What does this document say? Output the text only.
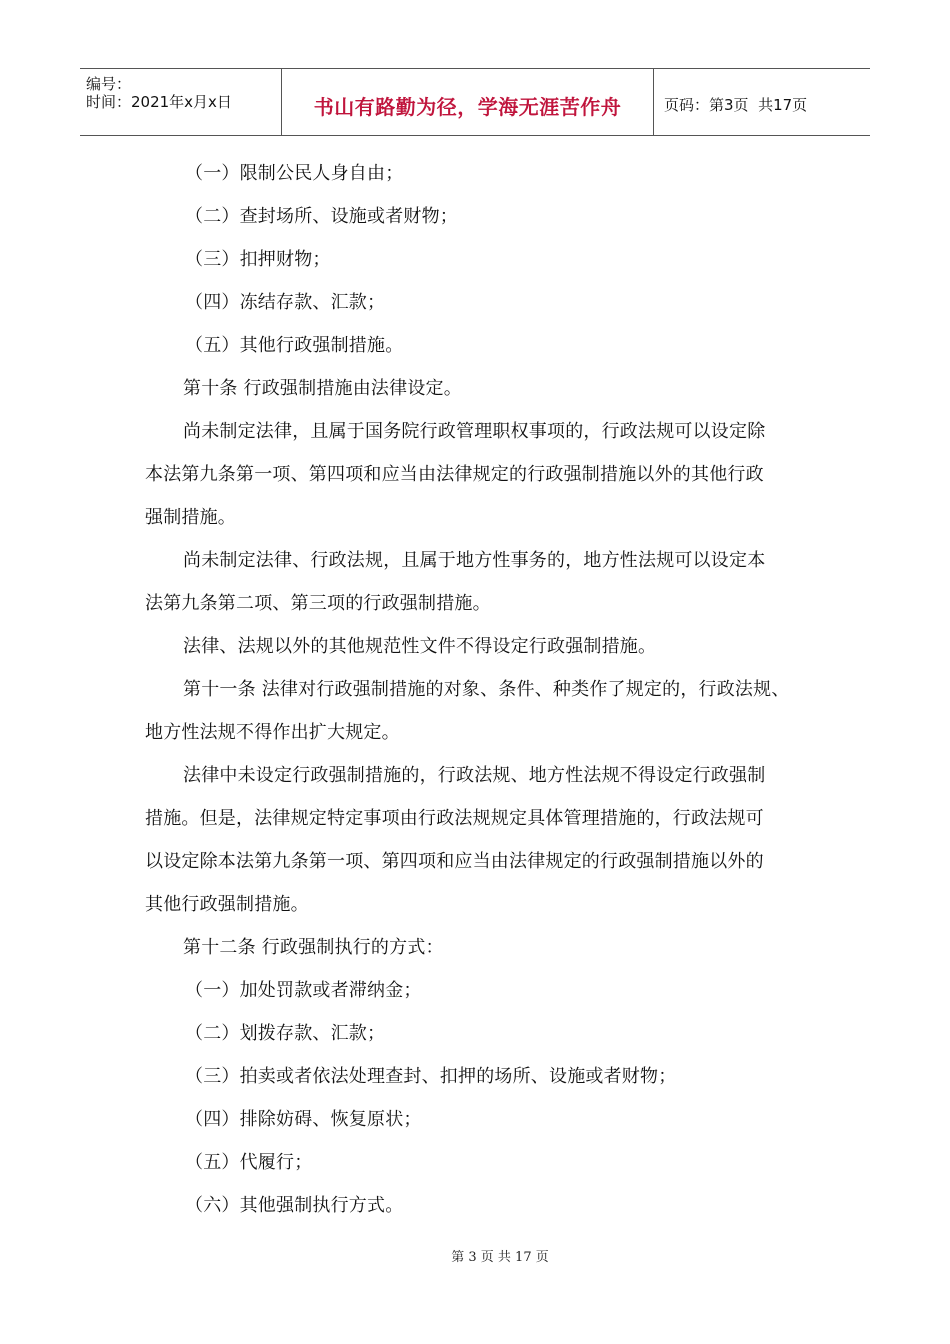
编号：
时间：2021年x月x日	书山有路勤为径，学海无涯苦作舟	页码：第3页  共17页
（一）限制公民人身自由；
（二）查封场所、设施或者财物；
（三）扣押财物；
（四）冻结存款、汇款；
（五）其他行政强制措施。
第十条 行政强制措施由法律设定。
尚未制定法律，且属于国务院行政管理职权事项的，行政法规可以设定除
本法第九条第一项、第四项和应当由法律规定的行政强制措施以外的其他行政
强制措施。
尚未制定法律、行政法规，且属于地方性事务的，地方性法规可以设定本
法第九条第二项、第三项的行政强制措施。
法律、法规以外的其他规范性文件不得设定行政强制措施。
第十一条 法律对行政强制措施的对象、条件、种类作了规定的，行政法规、
地方性法规不得作出扩大规定。
法律中未设定行政强制措施的，行政法规、地方性法规不得设定行政强制
措施。但是，法律规定特定事项由行政法规规定具体管理措施的，行政法规可
以设定除本法第九条第一项、第四项和应当由法律规定的行政强制措施以外的
其他行政强制措施。
第十二条 行政强制执行的方式：
（一）加处罚款或者滞纳金；
（二）划拨存款、汇款；
（三）拍卖或者依法处理查封、扣押的场所、设施或者财物；
（四）排除妨碍、恢复原状；
（五）代履行；
（六）其他强制执行方式。
第 3 页 共 17 页
